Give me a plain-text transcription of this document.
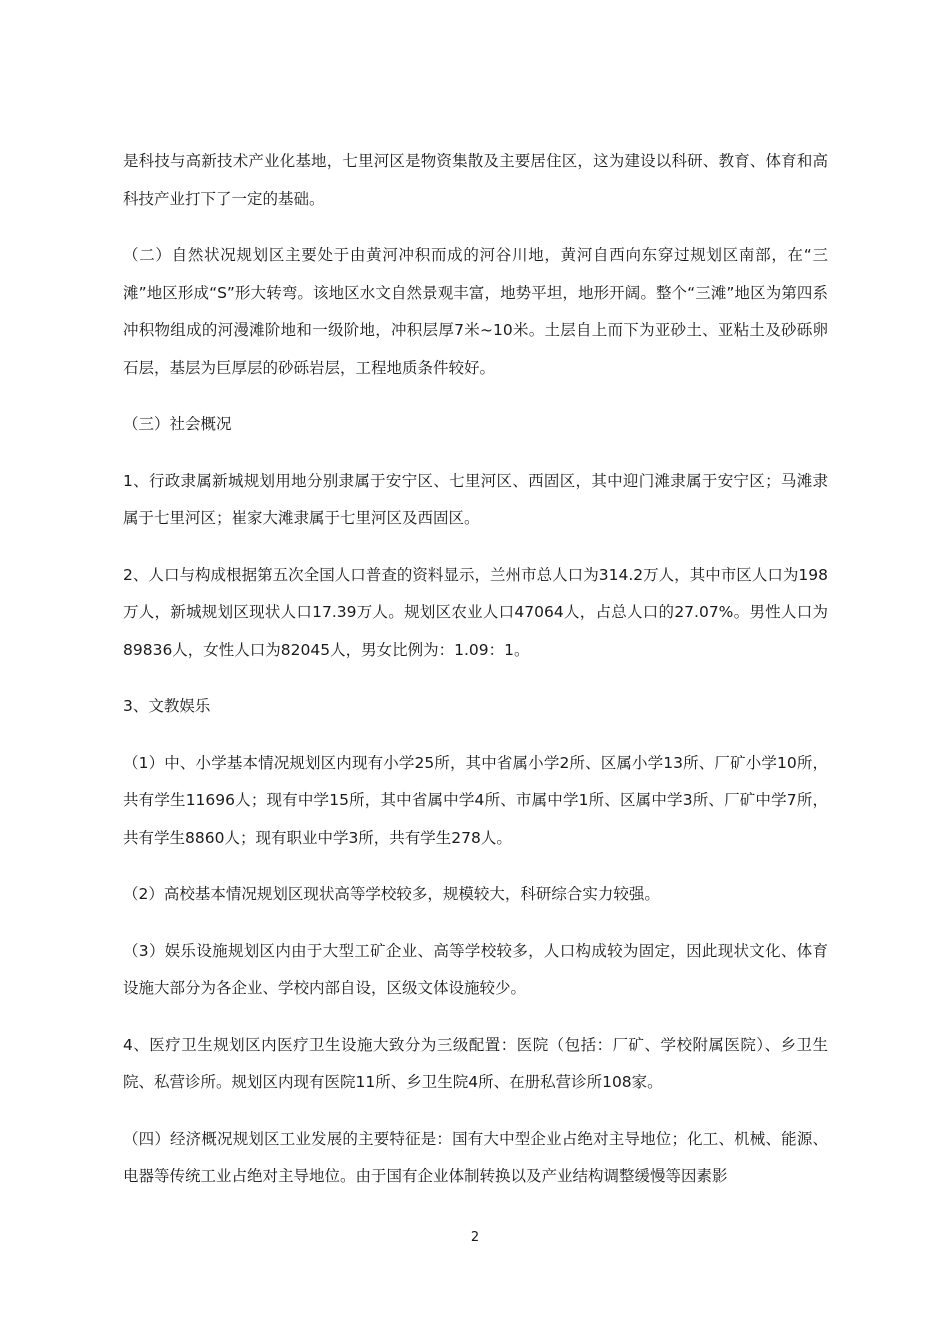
是科技与高新技术产业化基地，七里河区是物资集散及主要居住区，这为建设以科研、教育、体育和高科技产业打下了一定的基础。

（二）自然状况规划区主要处于由黄河冲积而成的河谷川地，黄河自西向东穿过规划区南部，在“三滩”地区形成“S”形大转弯。该地区水文自然景观丰富，地势平坦，地形开阔。整个“三滩”地区为第四系冲积物组成的河漫滩阶地和一级阶地，冲积层厚7米~10米。土层自上而下为亚砂土、亚粘土及砂砾卵石层，基层为巨厚层的砂砾岩层，工程地质条件较好。

（三）社会概况

1、行政隶属新城规划用地分别隶属于安宁区、七里河区、西固区，其中迎门滩隶属于安宁区；马滩隶属于七里河区；崔家大滩隶属于七里河区及西固区。

2、人口与构成根据第五次全国人口普查的资料显示，兰州市总人口为314.2万人，其中市区人口为198万人，新城规划区现状人口17.39万人。规划区农业人口47064人，占总人口的27.07%。男性人口为89836人，女性人口为82045人，男女比例为：1.09：1。

3、文教娱乐

（1）中、小学基本情况规划区内现有小学25所，其中省属小学2所、区属小学13所、厂矿小学10所，共有学生11696人；现有中学15所，其中省属中学4所、市属中学1所、区属中学3所、厂矿中学7所，共有学生8860人；现有职业中学3所，共有学生278人。

（2）高校基本情况规划区现状高等学校较多，规模较大，科研综合实力较强。

（3）娱乐设施规划区内由于大型工矿企业、高等学校较多，人口构成较为固定，因此现状文化、体育设施大部分为各企业、学校内部自设，区级文体设施较少。

4、医疗卫生规划区内医疗卫生设施大致分为三级配置：医院（包括：厂矿、学校附属医院）、乡卫生院、私营诊所。规划区内现有医院11所、乡卫生院4所、在册私营诊所108家。

（四）经济概况规划区工业发展的主要特征是：国有大中型企业占绝对主导地位；化工、机械、能源、电器等传统工业占绝对主导地位。由于国有企业体制转换以及产业结构调整缓慢等因素影

2
